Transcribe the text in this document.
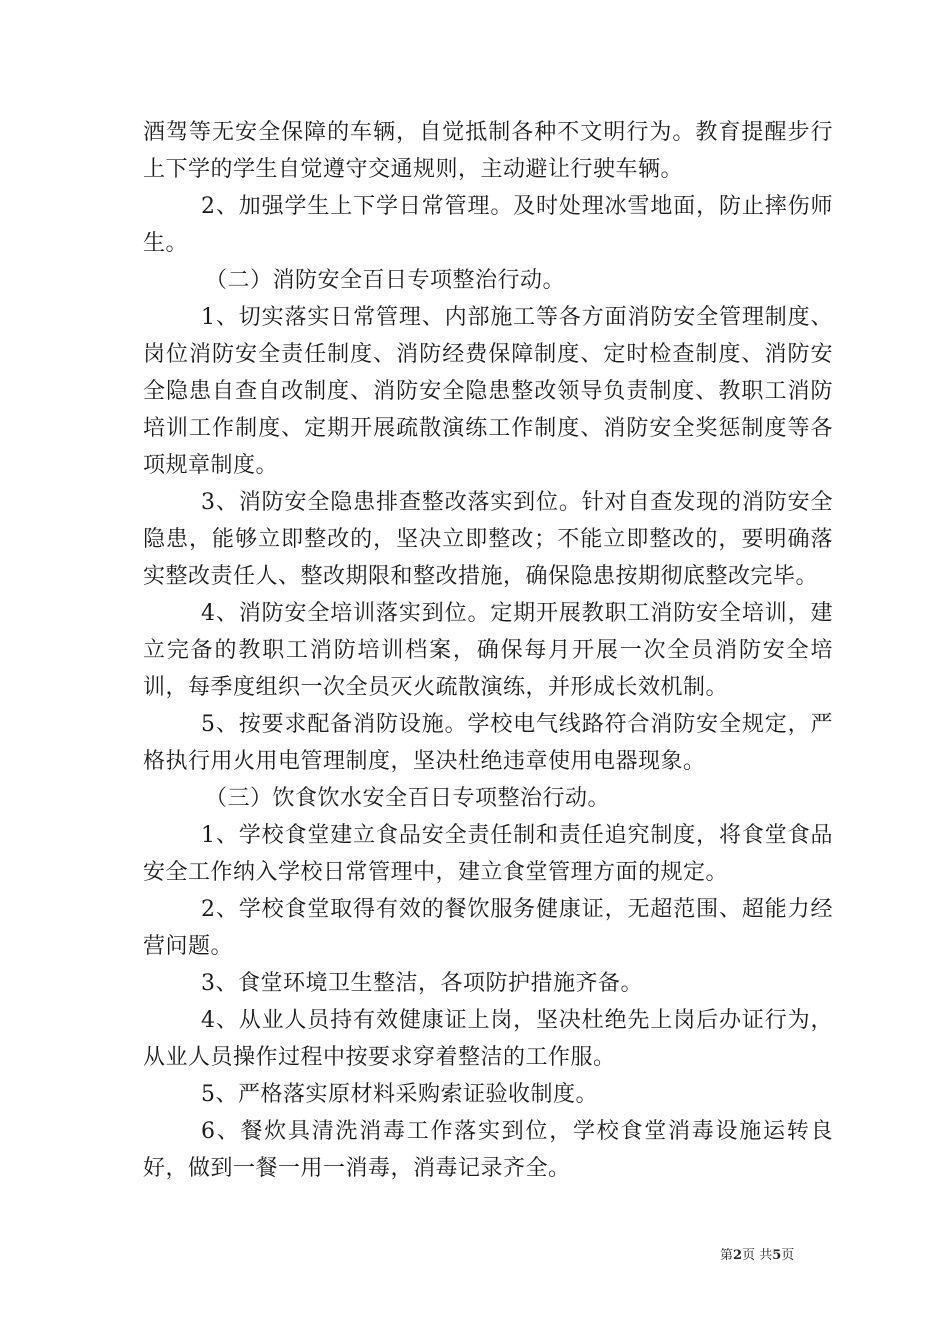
酒驾等无安全保障的车辆，自觉抵制各种不文明行为。教育提醒步行上下学的学生自觉遵守交通规则，主动避让行驶车辆。

2、加强学生上下学日常管理。及时处理冰雪地面，防止摔伤师生。

（二）消防安全百日专项整治行动。

1、切实落实日常管理、内部施工等各方面消防安全管理制度、岗位消防安全责任制度、消防经费保障制度、定时检查制度、消防安全隐患自查自改制度、消防安全隐患整改领导负责制度、教职工消防培训工作制度、定期开展疏散演练工作制度、消防安全奖惩制度等各项规章制度。

3、消防安全隐患排查整改落实到位。针对自查发现的消防安全隐患，能够立即整改的，坚决立即整改；不能立即整改的，要明确落实整改责任人、整改期限和整改措施，确保隐患按期彻底整改完毕。

4、消防安全培训落实到位。定期开展教职工消防安全培训，建立完备的教职工消防培训档案，确保每月开展一次全员消防安全培训，每季度组织一次全员灭火疏散演练，并形成长效机制。

5、按要求配备消防设施。学校电气线路符合消防安全规定，严格执行用火用电管理制度，坚决杜绝违章使用电器现象。

（三）饮食饮水安全百日专项整治行动。

1、学校食堂建立食品安全责任制和责任追究制度，将食堂食品安全工作纳入学校日常管理中，建立食堂管理方面的规定。

2、学校食堂取得有效的餐饮服务健康证，无超范围、超能力经营问题。

3、食堂环境卫生整洁，各项防护措施齐备。

4、从业人员持有效健康证上岗，坚决杜绝先上岗后办证行为，从业人员操作过程中按要求穿着整洁的工作服。

5、严格落实原材料采购索证验收制度。

6、餐炊具清洗消毒工作落实到位，学校食堂消毒设施运转良好，做到一餐一用一消毒，消毒记录齐全。

第2页 共5页
